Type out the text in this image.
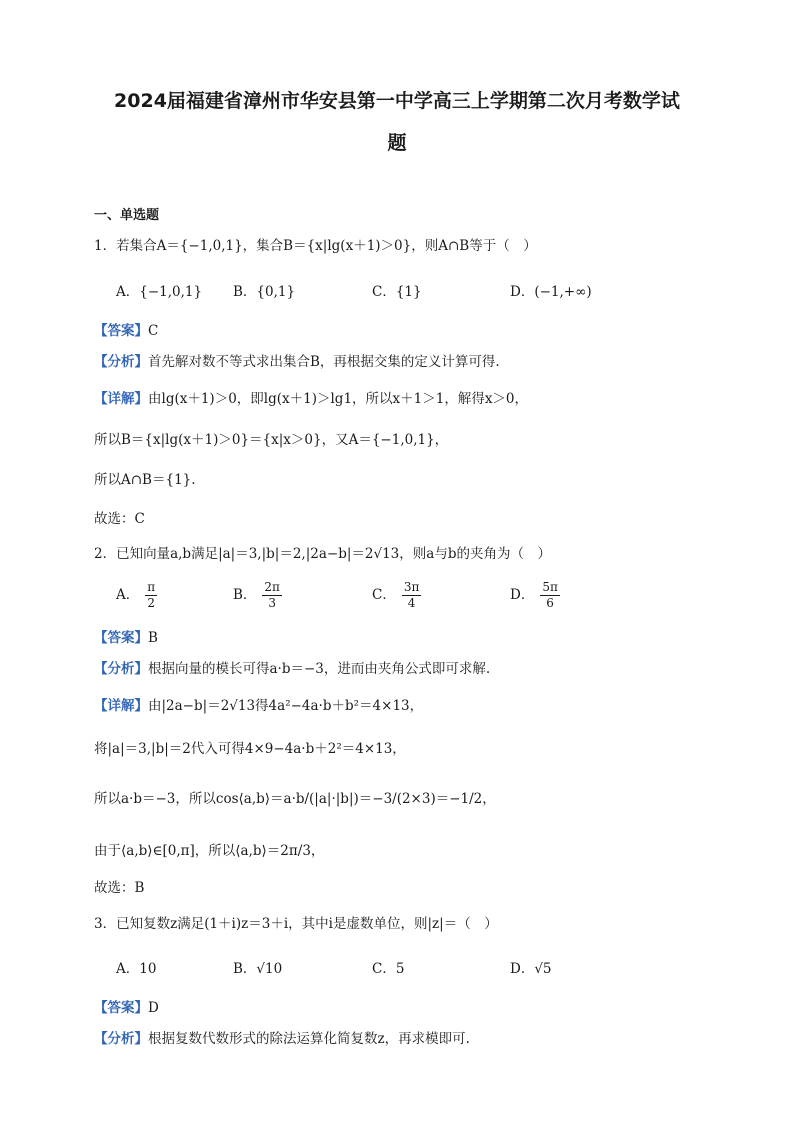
2024届福建省漳州市华安县第一中学高三上学期第二次月考数学试
题
一、单选题
1．若集合A＝{−1,0,1}，集合B＝{x|lg(x＋1)＞0}，则A∩B等于（　）
A．{−1,0,1} B．{0,1}	C．{1}	D．(−1,+∞)
【答案】C
【分析】首先解对数不等式求出集合B，再根据交集的定义计算可得.
【详解】由lg(x＋1)＞0，即lg(x＋1)＞lg1，所以x＋1＞1，解得x＞0，
所以B＝{x|lg(x＋1)＞0}＝{x|x＞0}，又A＝{−1,0,1}，
所以A∩B＝{1}.
故选：C
2．已知向量a,b满足|a|＝3,|b|＝2,|2a−b|＝2√13，则a与b的夹角为（　）
A． $\frac{\pi}{2}$	B． $\frac{2\pi}{3}$	C． $\frac{3\pi}{4}$	D． $\frac{5\pi}{6}$
【答案】B
【分析】根据向量的模长可得a·b＝−3，进而由夹角公式即可求解.
【详解】由|2a−b|＝2√13得4a²−4a·b＋b²＝4×13，
将|a|＝3,|b|＝2代入可得4×9−4a·b＋2²＝4×13，
所以a·b＝−3，所以cos⟨a,b⟩＝a·b/(|a|·|b|)＝−3/(2×3)＝−1/2，
由于⟨a,b⟩∈[0,π]，所以⟨a,b⟩＝2π/3，
故选：B
3．已知复数z满足(1＋i)z＝3＋i，其中i是虚数单位，则|z|＝（　）
A．10	B．√10	C．5	D．√5
【答案】D
【分析】根据复数代数形式的除法运算化简复数z，再求模即可.
